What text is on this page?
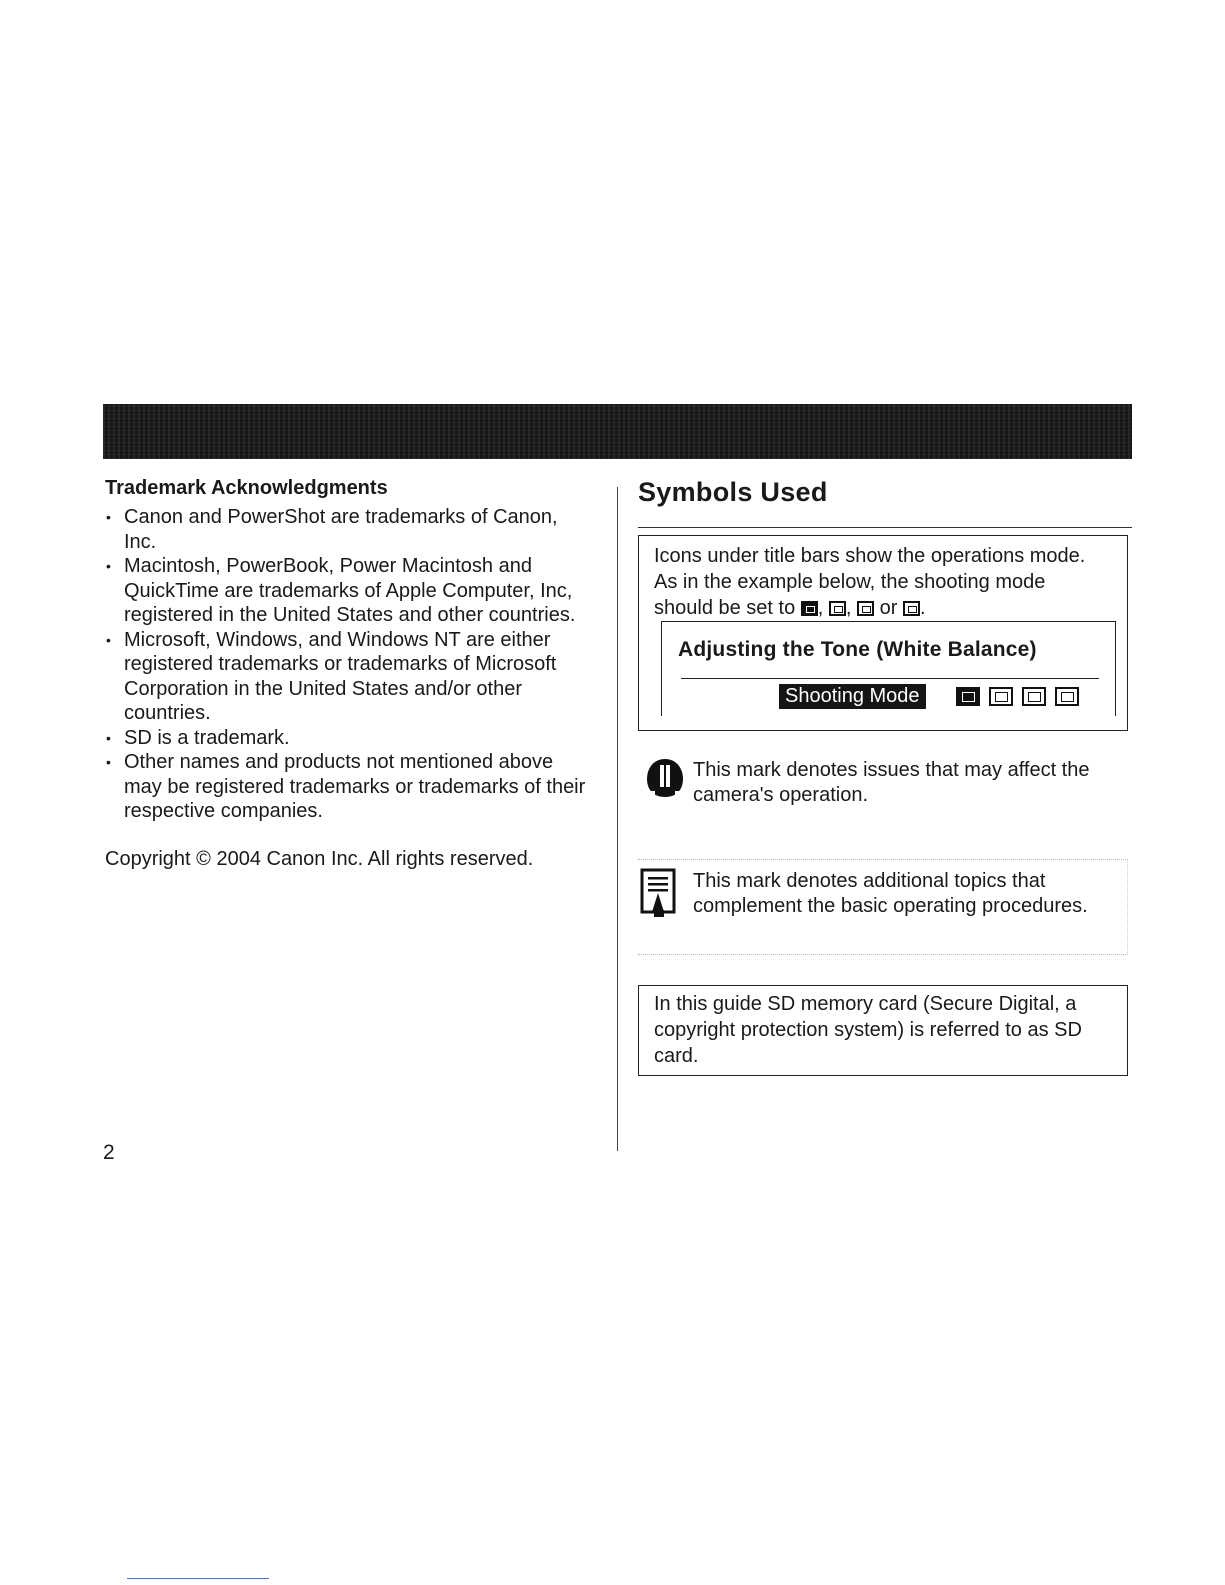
Trademark Acknowledgments
• Canon and PowerShot are trademarks of Canon, Inc.
• Macintosh, PowerBook, Power Macintosh and QuickTime are trademarks of Apple Computer, Inc, registered in the United States and other countries.
• Microsoft, Windows, and Windows NT are either registered trademarks or trademarks of Microsoft Corporation in the United States and/or other countries.
• SD is a trademark.
• Other names and products not mentioned above may be registered trademarks or trademarks of their respective companies.
Copyright © 2004 Canon Inc. All rights reserved.
Symbols Used
Icons under title bars show the operations mode.
As in the example below, the shooting mode
should be set to , , or .
Adjusting the Tone (White Balance)
Shooting Mode
This mark denotes issues that may affect the camera's operation.
This mark denotes additional topics that complement the basic operating procedures.
In this guide SD memory card (Secure Digital, a copyright protection system) is referred to as SD card.
2
